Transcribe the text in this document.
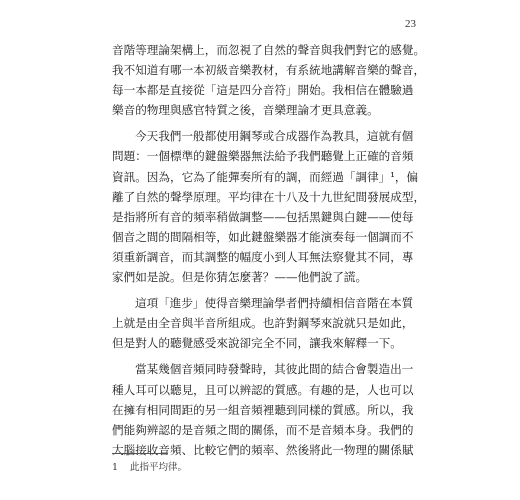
23
音階等理論架構上，而忽視了自然的聲音與我們對它的感覺。
我不知道有哪一本初級音樂教材，有系統地講解音樂的聲音，
每一本都是直接從「這是四分音符」開始。我相信在體驗過
樂音的物理與感官特質之後，音樂理論才更具意義。
今天我們一般都使用鋼琴或合成器作為教具，這就有個
問題：一個標準的鍵盤樂器無法給予我們聽覺上正確的音頻
資訊。因為，它為了能彈奏所有的調，而經過「調律」¹，偏
離了自然的聲學原理。平均律在十八及十九世紀間發展成型，
是指將所有音的頻率稍做調整——包括黑鍵與白鍵——使每
個音之間的間隔相等，如此鍵盤樂器才能演奏每一個調而不
須重新調音，而其調整的幅度小到人耳無法察覺其不同，專
家們如是說。但是你猜怎麼著？——他們說了謊。
這項「進步」使得音樂理論學者們持續相信音階在本質
上就是由全音與半音所組成。也許對鋼琴來說就只是如此，
但是對人的聽覺感受來說卻完全不同，讓我來解釋一下。
當某幾個音頻同時發聲時，其彼此間的結合會製造出一
種人耳可以聽見，且可以辨認的質感。有趣的是，人也可以
在擁有相同間距的另一組音頻裡聽到同樣的質感。所以，我
們能夠辨認的是音頻之間的關係，而不是音頻本身。我們的
大腦接收音頻、比較它們的頻率、然後將此一物理的關係賦
1 此指平均律。
